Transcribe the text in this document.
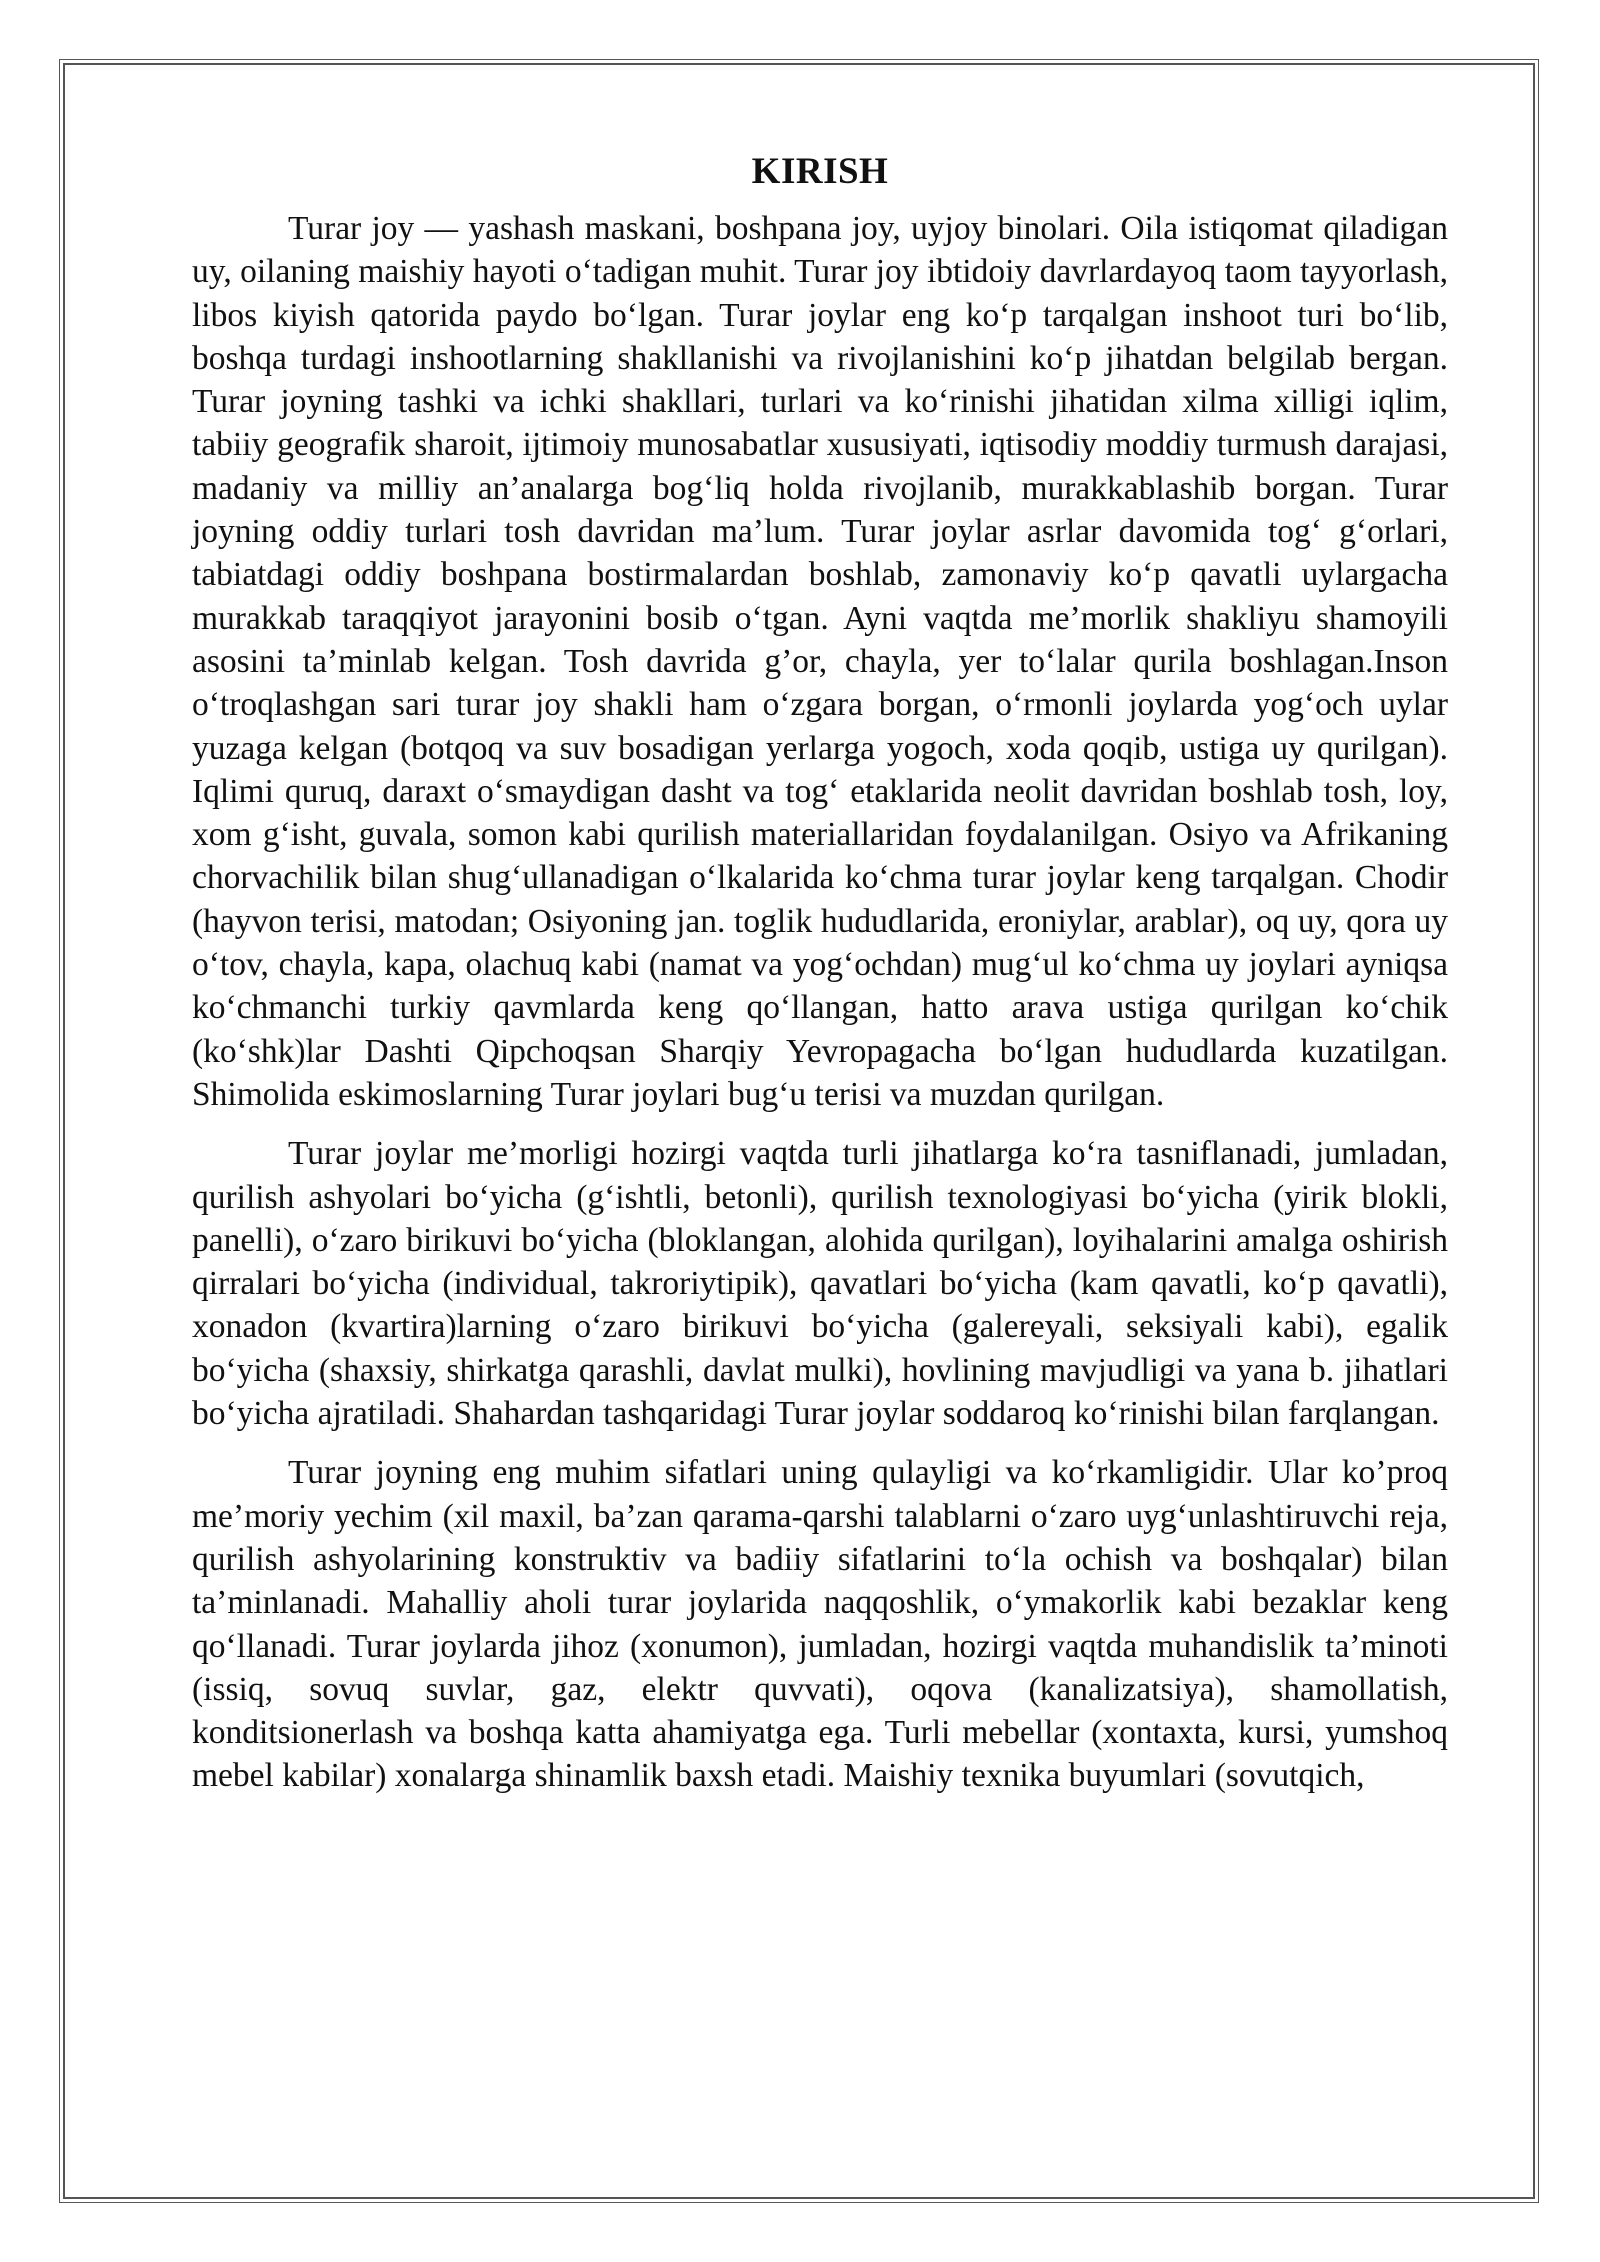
KIRISH

Turar joy — yashash maskani, boshpana joy, uyjoy binolari. Oila istiqomat qiladigan uy, oilaning maishiy hayoti o‘tadigan muhit. Turar joy ibtidoiy davrlardayoq taom tayyorlash, libos kiyish qatorida paydo bo‘lgan. Turar joylar eng ko‘p tarqalgan inshoot turi bo‘lib, boshqa turdagi inshootlarning shakllanishi va rivojlanishini ko‘p jihatdan belgilab bergan. Turar joyning tashki va ichki shakllari, turlari va ko‘rinishi jihatidan xilma xilligi iqlim, tabiiy geografik sharoit, ijtimoiy munosabatlar xususiyati, iqtisodiy moddiy turmush darajasi, madaniy va milliy an’analarga bog‘liq holda rivojlanib, murakkablashib borgan. Turar joyning oddiy turlari tosh davridan ma’lum. Turar joylar asrlar davomida tog‘ g‘orlari, tabiatdagi oddiy boshpana bostirmalardan boshlab, zamonaviy ko‘p qavatli uylargacha murakkab taraqqiyot jarayonini bosib o‘tgan. Ayni vaqtda me’morlik shakliyu shamoyili asosini ta’minlab kelgan. Tosh davrida g’or, chayla, yer to‘lalar qurila boshlagan.Inson o‘troqlashgan sari turar joy shakli ham o‘zgara borgan, o‘rmonli joylarda yog‘och uylar yuzaga kelgan (botqoq va suv bosadigan yerlarga yogoch, xoda qoqib, ustiga uy qurilgan). Iqlimi quruq, daraxt o‘smaydigan dasht va tog‘ etaklarida neolit davridan boshlab tosh, loy, xom g‘isht, guvala, somon kabi qurilish materiallaridan foydalanilgan. Osiyo va Afrikaning chorvachilik bilan shug‘ullanadigan o‘lkalarida ko‘chma turar joylar keng tarqalgan. Chodir (hayvon terisi, matodan; Osiyoning jan. toglik hududlarida, eroniylar, arablar), oq uy, qora uy o‘tov, chayla, kapa, olachuq kabi (namat va yog‘ochdan) mug‘ul ko‘chma uy joylari ayniqsa ko‘chmanchi turkiy qavmlarda keng qo‘llangan, hatto arava ustiga qurilgan ko‘chik (ko‘shk)lar Dashti Qipchoqsan Sharqiy Yevropagacha bo‘lgan hududlarda kuzatilgan. Shimolida eskimoslarning Turar joylari bug‘u terisi va muzdan qurilgan.

Turar joylar me’morligi hozirgi vaqtda turli jihatlarga ko‘ra tasniflanadi, jumladan, qurilish ashyolari bo‘yicha (g‘ishtli, betonli), qurilish texnologiyasi bo‘yicha (yirik blokli, panelli), o‘zaro birikuvi bo‘yicha (bloklangan, alohida qurilgan), loyihalarini amalga oshirish qirralari bo‘yicha (individual, takroriytipik), qavatlari bo‘yicha (kam qavatli, ko‘p qavatli), xonadon (kvartira)larning o‘zaro birikuvi bo‘yicha (galereyali, seksiyali kabi), egalik bo‘yicha (shaxsiy, shirkatga qarashli, davlat mulki), hovlining mavjudligi va yana b. jihatlari bo‘yicha ajratiladi. Shahardan tashqaridagi Turar joylar soddaroq ko‘rinishi bilan farqlangan.

Turar joyning eng muhim sifatlari uning qulayligi va ko‘rkamligidir. Ular ko’proq me’moriy yechim (xil maxil, ba’zan qarama-qarshi talablarni o‘zaro uyg‘unlashtiruvchi reja, qurilish ashyolarining konstruktiv va badiiy sifatlarini to‘la ochish va boshqalar) bilan ta’minlanadi. Mahalliy aholi turar joylarida naqqoshlik, o‘ymakorlik kabi bezaklar keng qo‘llanadi. Turar joylarda jihoz (xonumon), jumladan, hozirgi vaqtda muhandislik ta’minoti (issiq, sovuq suvlar, gaz, elektr quvvati), oqova (kanalizatsiya), shamollatish, konditsionerlash va boshqa katta ahamiyatga ega. Turli mebellar (xontaxta, kursi, yumshoq mebel kabilar) xonalarga shinamlik baxsh etadi. Maishiy texnika buyumlari (sovutqich,
